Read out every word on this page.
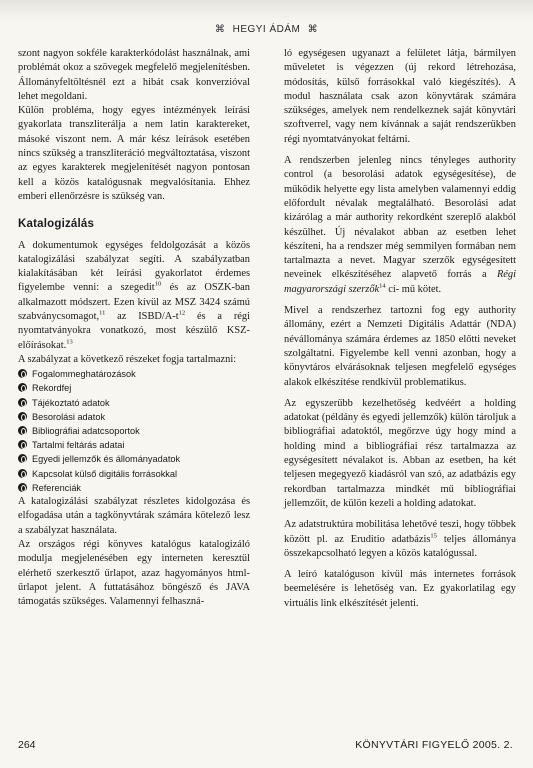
⌘ HEGYI ÁDÁM ⌘

szont nagyon sokféle karakterkódolást használnak, ami problémát okoz a szövegek megfelelő megjelenítésben. Állományfeltöltésnél ezt a hibát csak konverzióval lehet megoldani.

Külön probléma, hogy egyes intézmények leírási gyakorlata transzliterálja a nem latin karaktereket, másoké viszont nem. A már kész leírások esetében nincs szükség a transzliteráció megváltoztatása, viszont az egyes karakterek megjelenítését nagyon pontosan kell a közös katalógusnak megvalósítania. Ehhez emberi ellenőrzésre is szükség van.

Katalogizálás

A dokumentumok egységes feldolgozását a közös katalogizálási szabályzat segíti. A szabályzatban kialakításában két leírási gyakorlatot érdemes figyelembe venni: a szegedit$^{10}$ és az OSZK-ban alkalmazott módszert. Ezen kívül az MSZ 3424 számú szabványcsomagot,$^{11}$ az ISBD/$A-t^{12}$ és a régi nyomtatványokra vonatkozó, most készülő KSZ-előírásokat.$^{13}$

A szabályzat a következő részeket fogja tartalmazni:

Fogalommeghatározások
Rekordfej
Tájékoztató adatok
Besorolási adatok
Bibliográfiai adatcsoportok
Tartalmi feltárás adatai
Egyedi jellemzők és állományadatok
Kapcsolat külső digitális forrásokkal
Referenciák

A katalogizálási szabályzat részletes kidolgozása és elfogadása után a tagkönyvtárak számára kötelező lesz a szabályzat használata.

Az országos régi könyves katalógus katalogizáló modulja megjelenésében egy interneten keresztül elérhető szerkesztő űrlapot, azaz hagyományos html-űrlapot jelent. A futtatásához böngésző és JAVA támogatás szükséges. Valamennyi felhaszná-

ló egységesen ugyanazt a felületet látja, bármilyen műveletet is végezzen (új rekord létrehozása, módosítás, külső forrásokkal való kiegészítés). A modul használata csak azon könyvtárak számára szükséges, amelyek nem rendelkeznek saját könyvtári szoftverrel, vagy nem kívánnak a saját rendszerükben régi nyomtatványokat feltárni.

A rendszerben jelenleg nincs tényleges authority control (a besorolási adatok egységesítése), de működik helyette egy lista amelyben valamennyi eddig előfordult névalak megtalálható. Besorolási adat kizárólag a már authority rekordként szereplő alakból készülhet. Új névalakot abban az esetben lehet készíteni, ha a rendszer még semmilyen formában nem tartalmazta a nevet. Magyar szerzők egységesített neveinek elkészítéséhez alapvető forrás a Régi magyarországi szerzők$^{14}$ cí- mű kötet.

Mivel a rendszerhez tartozni fog egy authority állomány, ezért a Nemzeti Digitális Adattár (NDA) névállománya számára érdemes az 1850 előtti neveket szolgáltatni. Figyelembe kell venni azonban, hogy a könyvtáros elvárásoknak teljesen megfelelő egységes alakok elkészítése rendkívül problematikus.

Az egyszerűbb kezelhetőség kedvéért a holding adatokat (példány és egyedi jellemzők) külön tároljuk a bibliográfiai adatoktól, megőrzve úgy hogy mind a holding mind a bibliográfiai rész tartalmazza az egységesített névalakot is. Abban az esetben, ha két teljesen megegyező kiadásról van szó, az adatbázis egy rekordban tartalmazza mindkét mű bibliográfiai jellemzőit, de külön kezeli a holding adatokat.

Az adatstruktúra mobilitása lehetővé teszi, hogy többek között pl. az Eruditio adatbázis$^{15}$ teljes állománya összekapcsolható legyen a közös katalógussal.

A leíró katalóguson kívül más internetes források beemelésére is lehetőség van. Ez gyakorlatilag egy virtuális link elkészítését jelenti.

264	KÖNYVTÁRI FIGYELŐ 2005. 2.
